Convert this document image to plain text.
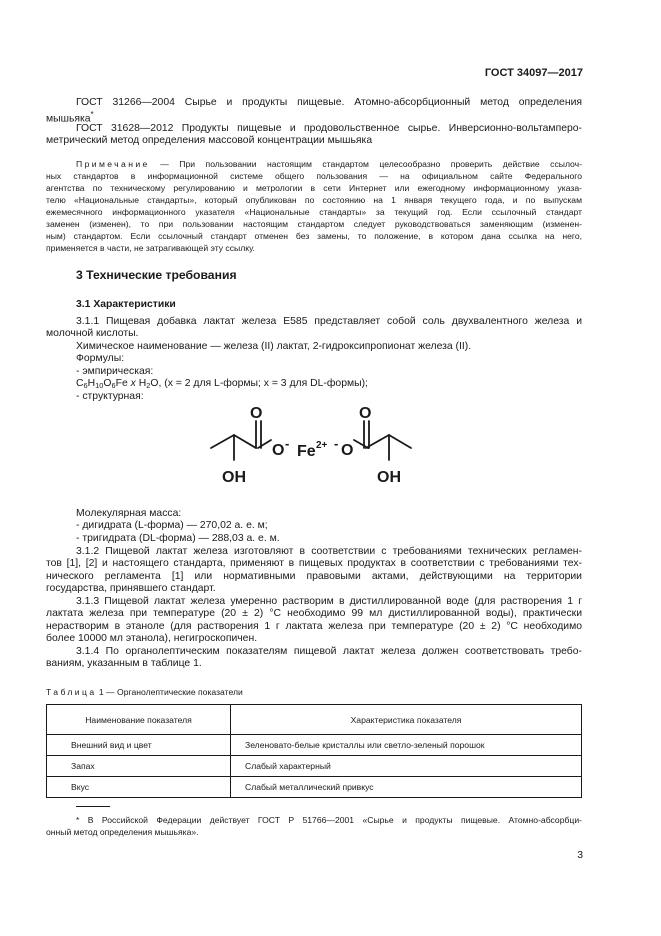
ГОСТ 34097—2017
ГОСТ 31266—2004 Сырье и продукты пищевые. Атомно-абсорбционный метод определения
мышьяка*
ГОСТ 31628—2012 Продукты пищевые и продовольственное сырье. Инверсионно-вольтамперо-
метрический метод определения массовой концентрации мышьяка
Примечание — При пользовании настоящим стандартом целесообразно проверить действие ссылоч-
ных стандартов в информационной системе общего пользования — на официальном сайте Федерального
агентства по техническому регулированию и метрологии в сети Интернет или ежегодному информационному указа-
телю «Национальные стандарты», который опубликован по состоянию на 1 января текущего года, и по выпускам
ежемесячного информационного указателя «Национальные стандарты» за текущий год. Если ссылочный стандарт
заменен (изменен), то при пользовании настоящим стандартом следует руководствоваться заменяющим (изменен-
ным) стандартом. Если ссылочный стандарт отменен без замены, то положение, в котором дана ссылка на него,
применяется в части, не затрагивающей эту ссылку.
3 Технические требования
3.1 Характеристики
3.1.1 Пищевая добавка лактат железа Е585 представляет собой соль двухвалентного железа и
молочной кислоты.
Химическое наименование — железа (II) лактат, 2-гидроксипропионат железа (II).
Формулы:
- эмпирическая:
$C_6H_{10}O_6Fe$ x $H_2O$, (x = 2 для L-формы; x = 3 для DL-формы);
- структурная:
O
O - Fe 2+ - O
O
OH	OH
Молекулярная масса:
- дигидрата (L-форма) — 270,02 а. е. м;
- тригидрата (DL-форма) — 288,03 а. е. м.
3.1.2 Пищевой лактат железа изготовляют в соответствии с требованиями технических регламен-
тов [1], [2] и настоящего стандарта, применяют в пищевых продуктах в соответствии с требованиями тех-
нического регламента [1] или нормативными правовыми актами, действующими на территории
государства, принявшего стандарт.
3.1.3 Пищевой лактат железа умеренно растворим в дистиллированной воде (для растворения 1 г
лактата железа при температуре (20 ± 2) °С необходимо 99 мл дистиллированной воды), практически
нерастворим в этаноле (для растворения 1 г лактата железа при температуре (20 ± 2) °С необходимо
более 10000 мл этанола), негигроскопичен.
3.1.4 По органолептическим показателям пищевой лактат железа должен соответствовать требо-
ваниям, указанным в таблице 1.
Таблица 1 — Органолептические показатели
Наименование показателя	Характеристика показателя
Внешний вид и цвет	Зеленовато-белые кристаллы или светло-зеленый порошок
Запах	Слабый характерный
Вкус	Слабый металлический привкус
* В Российской Федерации действует ГОСТ Р 51766—2001 «Сырье и продукты пищевые. Атомно-абсорбци-
онный метод определения мышьяка».
3
